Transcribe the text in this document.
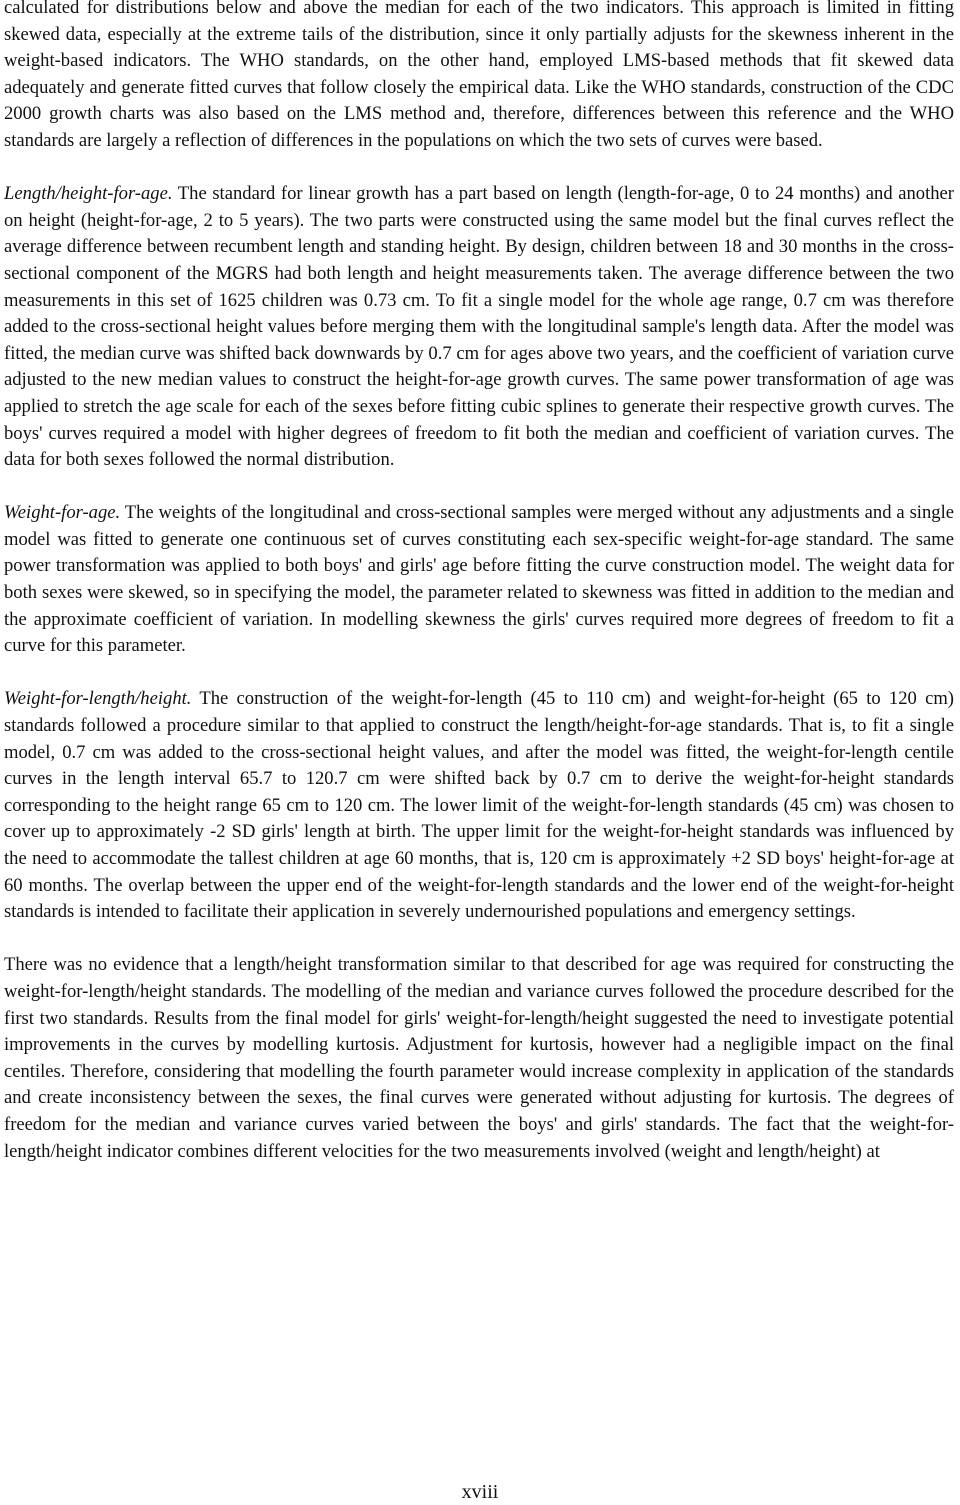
calculated for distributions below and above the median for each of the two indicators. This approach is limited in fitting skewed data, especially at the extreme tails of the distribution, since it only partially adjusts for the skewness inherent in the weight-based indicators. The WHO standards, on the other hand, employed LMS-based methods that fit skewed data adequately and generate fitted curves that follow closely the empirical data. Like the WHO standards, construction of the CDC 2000 growth charts was also based on the LMS method and, therefore, differences between this reference and the WHO standards are largely a reflection of differences in the populations on which the two sets of curves were based.

Length/height-for-age. The standard for linear growth has a part based on length (length-for-age, 0 to 24 months) and another on height (height-for-age, 2 to 5 years). The two parts were constructed using the same model but the final curves reflect the average difference between recumbent length and standing height. By design, children between 18 and 30 months in the cross-sectional component of the MGRS had both length and height measurements taken. The average difference between the two measurements in this set of 1625 children was 0.73 cm. To fit a single model for the whole age range, 0.7 cm was therefore added to the cross-sectional height values before merging them with the longitudinal sample's length data. After the model was fitted, the median curve was shifted back downwards by 0.7 cm for ages above two years, and the coefficient of variation curve adjusted to the new median values to construct the height-for-age growth curves. The same power transformation of age was applied to stretch the age scale for each of the sexes before fitting cubic splines to generate their respective growth curves. The boys' curves required a model with higher degrees of freedom to fit both the median and coefficient of variation curves. The data for both sexes followed the normal distribution.

Weight-for-age. The weights of the longitudinal and cross-sectional samples were merged without any adjustments and a single model was fitted to generate one continuous set of curves constituting each sex-specific weight-for-age standard. The same power transformation was applied to both boys' and girls' age before fitting the curve construction model. The weight data for both sexes were skewed, so in specifying the model, the parameter related to skewness was fitted in addition to the median and the approximate coefficient of variation. In modelling skewness the girls' curves required more degrees of freedom to fit a curve for this parameter.

Weight-for-length/height. The construction of the weight-for-length (45 to 110 cm) and weight-for-height (65 to 120 cm) standards followed a procedure similar to that applied to construct the length/height-for-age standards. That is, to fit a single model, 0.7 cm was added to the cross-sectional height values, and after the model was fitted, the weight-for-length centile curves in the length interval 65.7 to 120.7 cm were shifted back by 0.7 cm to derive the weight-for-height standards corresponding to the height range 65 cm to 120 cm. The lower limit of the weight-for-length standards (45 cm) was chosen to cover up to approximately -2 SD girls' length at birth. The upper limit for the weight-for-height standards was influenced by the need to accommodate the tallest children at age 60 months, that is, 120 cm is approximately +2 SD boys' height-for-age at 60 months. The overlap between the upper end of the weight-for-length standards and the lower end of the weight-for-height standards is intended to facilitate their application in severely undernourished populations and emergency settings.

There was no evidence that a length/height transformation similar to that described for age was required for constructing the weight-for-length/height standards. The modelling of the median and variance curves followed the procedure described for the first two standards. Results from the final model for girls' weight-for-length/height suggested the need to investigate potential improvements in the curves by modelling kurtosis. Adjustment for kurtosis, however had a negligible impact on the final centiles. Therefore, considering that modelling the fourth parameter would increase complexity in application of the standards and create inconsistency between the sexes, the final curves were generated without adjusting for kurtosis. The degrees of freedom for the median and variance curves varied between the boys' and girls' standards. The fact that the weight-for-length/height indicator combines different velocities for the two measurements involved (weight and length/height) at

xviii
